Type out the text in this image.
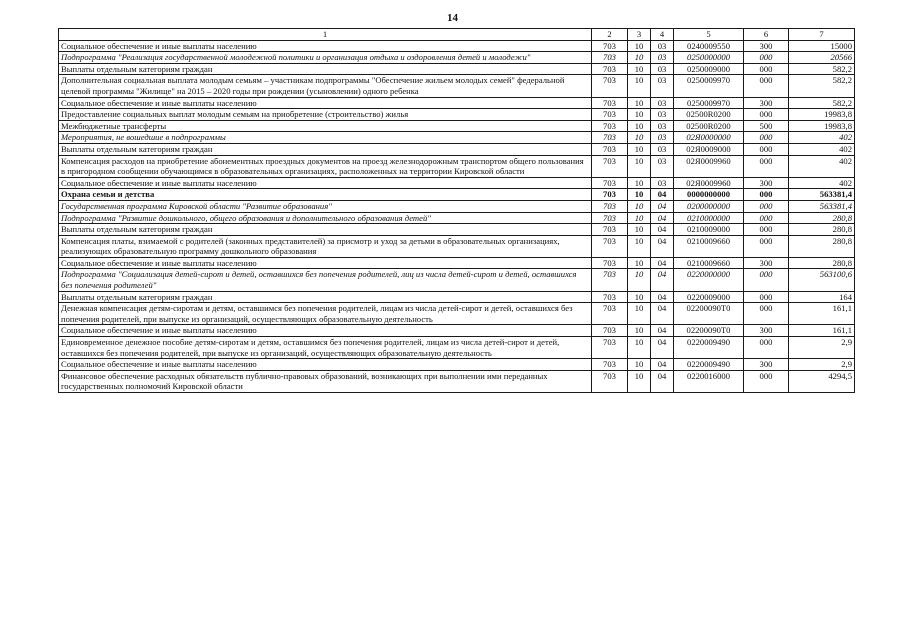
14
1	2	3	4	5	6	7
Социальное обеспечение и иные выплаты населению	703	10	03	0240009550	300	15000
Подпрограмма "Реализация государственной молодежной политики и организация отдыха и оздоровления детей и молодежи"	703	10	03	0250000000	000	20566
Выплаты отдельным категориям граждан	703	10	03	0250009000	000	582,2
Дополнительная социальная выплата молодым семьям – участникам подпрограммы "Обеспечение жильем молодых семей" федеральной целевой программы "Жилище" на 2015 – 2020 годы при рождении (усыновлении) одного ребенка	703	10	03	0250009970	000	582,2
Социальное обеспечение и иные выплаты населению	703	10	03	0250009970	300	582,2
Предоставление социальных выплат молодым семьям на приобретение (строительство) жилья	703	10	03	02500R0200	000	19983,8
Межбюджетные трансферты	703	10	03	02500R0200	500	19983,8
Мероприятия, не вошедшие в подпрограммы	703	10	03	02Я0000000	000	402
Выплаты отдельным категориям граждан	703	10	03	02Я0009000	000	402
Компенсация расходов на приобретение абонементных проездных документов на проезд железнодорожным транспортом общего пользования в пригородном сообщении обучающимся в образовательных организациях, расположенных на территории Кировской области	703	10	03	02Я0009960	000	402
Социальное обеспечение и иные выплаты населению	703	10	03	02Я0009960	300	402
Охрана семьи и детства	703	10	04	0000000000	000	563381,4
Государственная программа Кировской области "Развитие образования"	703	10	04	0200000000	000	563381,4
Подпрограмма "Развитие дошкольного, общего образования и дополнительного образования детей"	703	10	04	0210000000	000	280,8
Выплаты отдельным категориям граждан	703	10	04	0210009000	000	280,8
Компенсация платы, взимаемой с родителей (законных представителей) за присмотр и уход за детьми в образовательных организациях, реализующих образовательную программу дошкольного образования	703	10	04	0210009660	000	280,8
Социальное обеспечение и иные выплаты населению	703	10	04	0210009660	300	280,8
Подпрограмма "Социализация детей-сирот и детей, оставшихся без попечения родителей, лиц из числа детей-сирот и детей, оставшихся без попечения родителей"	703	10	04	0220000000	000	563100,6
Выплаты отдельным категориям граждан	703	10	04	0220009000	000	164
Денежная компенсация детям-сиротам и детям, оставшимся без попечения родителей, лицам из числа детей-сирот и детей, оставшихся без попечения родителей, при выпуске из организаций, осуществляющих образовательную деятельность	703	10	04	02200090Т0	000	161,1
Социальное обеспечение и иные выплаты населению	703	10	04	02200090Т0	300	161,1
Единовременное денежное пособие детям-сиротам и детям, оставшимся без попечения родителей, лицам из числа детей-сирот и детей, оставшихся без попечения родителей, при выпуске из организаций, осуществляющих образовательную деятельность	703	10	04	0220009490	000	2,9
Социальное обеспечение и иные выплаты населению	703	10	04	0220009490	300	2,9
Финансовое обеспечение расходных обязательств публично-правовых образований, возникающих при выполнении ими переданных государственных полномочий Кировской области	703	10	04	0220016000	000	4294,5
